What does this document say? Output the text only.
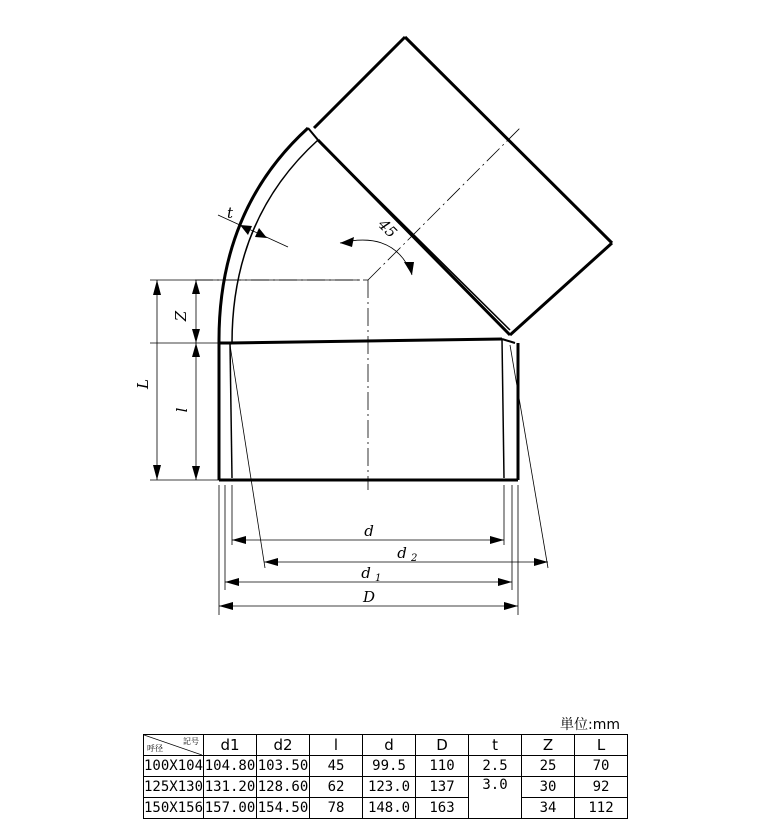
t
Z
L
l
45
d
d 2
d 1
D
単位:mm
記号
呼径	d1	d2	l	d	D	t	Z	L
100X104	104.80	103.50	45	99.5	110	2.5	25	70
125X130	131.20	128.60	62	123.0	137	3.0	30	92
150X156	157.00	154.50	78	148.0	163		34	112
